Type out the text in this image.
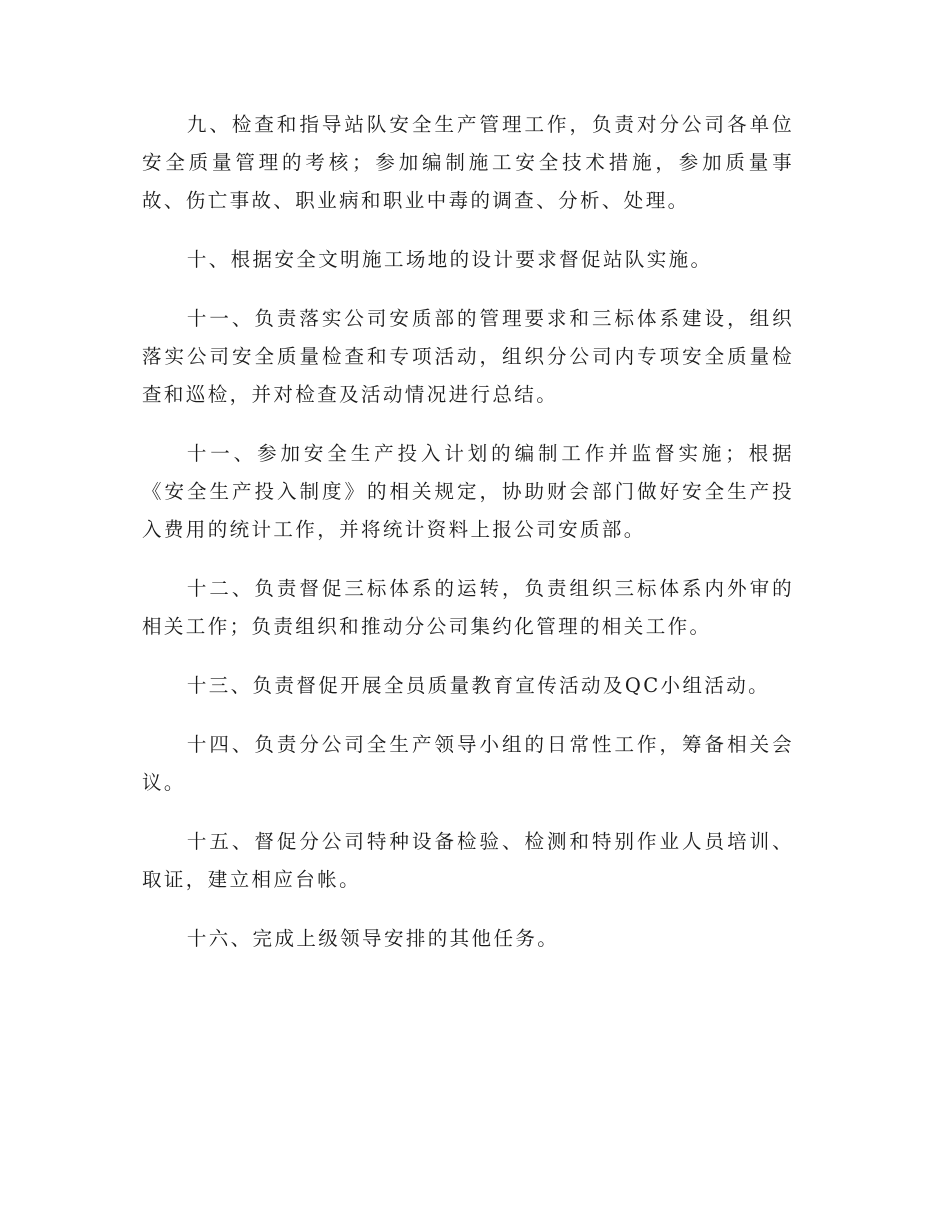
九、检查和指导站队安全生产管理工作，负责对分公司各单位安全质量管理的考核；参加编制施工安全技术措施，参加质量事故、伤亡事故、职业病和职业中毒的调查、分析、处理。

十、根据安全文明施工场地的设计要求督促站队实施。

十一、负责落实公司安质部的管理要求和三标体系建设，组织落实公司安全质量检查和专项活动，组织分公司内专项安全质量检查和巡检，并对检查及活动情况进行总结。

十一、参加安全生产投入计划的编制工作并监督实施；根据《安全生产投入制度》的相关规定，协助财会部门做好安全生产投入费用的统计工作，并将统计资料上报公司安质部。

十二、负责督促三标体系的运转，负责组织三标体系内外审的相关工作；负责组织和推动分公司集约化管理的相关工作。

十三、负责督促开展全员质量教育宣传活动及QC小组活动。

十四、负责分公司全生产领导小组的日常性工作，筹备相关会议。

十五、督促分公司特种设备检验、检测和特别作业人员培训、取证，建立相应台帐。

十六、完成上级领导安排的其他任务。
